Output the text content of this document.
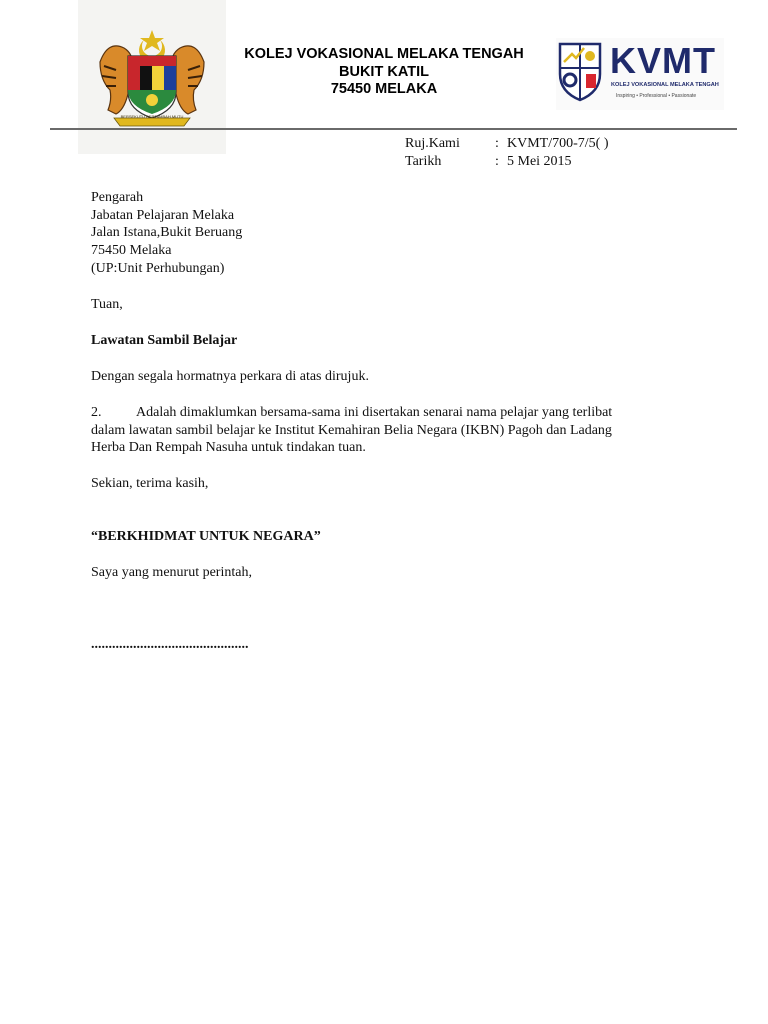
BERSEKUTU BERTAMBAH MUTU
KOLEJ VOKASIONAL MELAKA TENGAH
BUKIT KATIL
75450 MELAKA
KVMT
KOLEJ VOKASIONAL MELAKA TENGAH
Inspiring • Professional • Passionate
Ruj.Kami	: KVMT/700-7/5( )
Tarikh	: 5 Mei 2015
Pengarah
Jabatan Pelajaran Melaka
Jalan Istana,Bukit Beruang
75450 Melaka
(UP:Unit Perhubungan)
Tuan,
Lawatan Sambil Belajar
Dengan segala hormatnya perkara di atas dirujuk.
2. Adalah dimaklumkan bersama-sama ini disertakan senarai nama pelajar yang terlibat
dalam lawatan sambil belajar ke Institut Kemahiran Belia Negara (IKBN) Pagoh dan Ladang
Herba Dan Rempah Nasuha untuk tindakan tuan.
Sekian, terima kasih,
“BERKHIDMAT UNTUK NEGARA”
Saya yang menurut perintah,
.............................................
